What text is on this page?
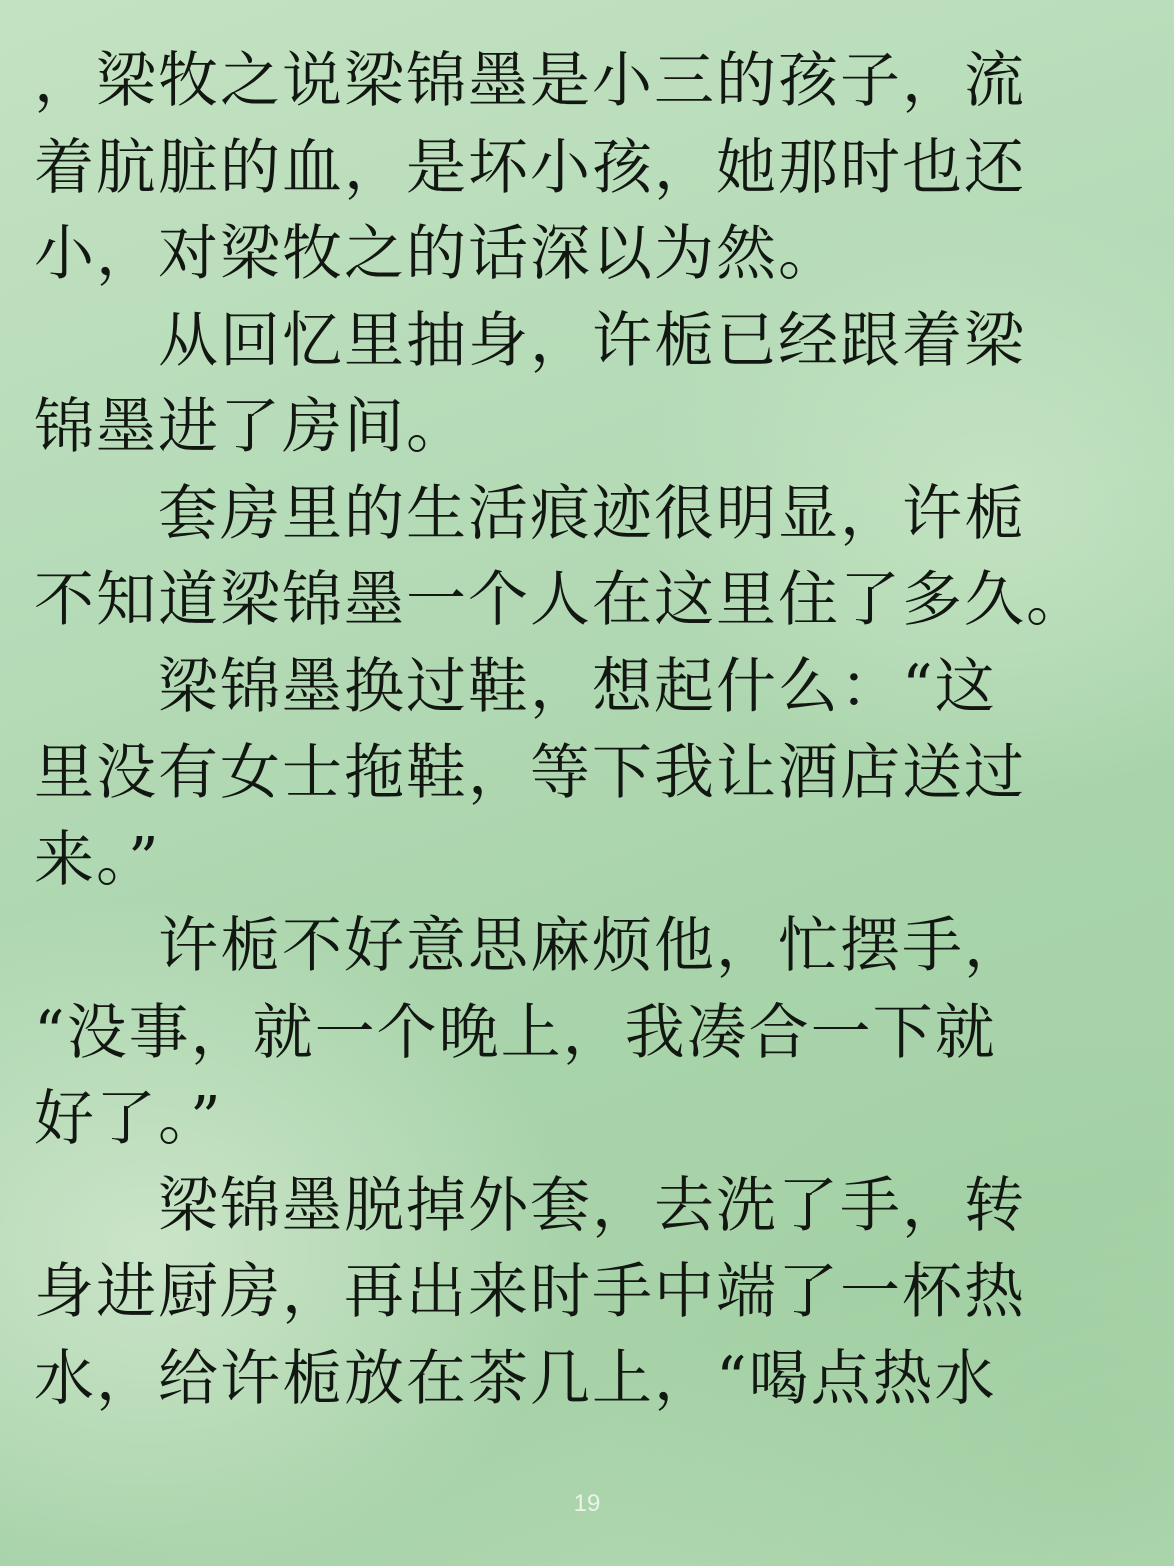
，梁牧之说梁锦墨是小三的孩子，流
着肮脏的血，是坏小孩，她那时也还
小，对梁牧之的话深以为然。
　　从回忆里抽身，许栀已经跟着梁
锦墨进了房间。
　　套房里的生活痕迹很明显，许栀
不知道梁锦墨一个人在这里住了多久。
　　梁锦墨换过鞋，想起什么：“这
里没有女士拖鞋，等下我让酒店送过
来。”
　　许栀不好意思麻烦他，忙摆手，
“没事，就一个晚上，我凑合一下就
好了。”
　　梁锦墨脱掉外套，去洗了手，转
身进厨房，再出来时手中端了一杯热
水，给许栀放在茶几上，“喝点热水
19
